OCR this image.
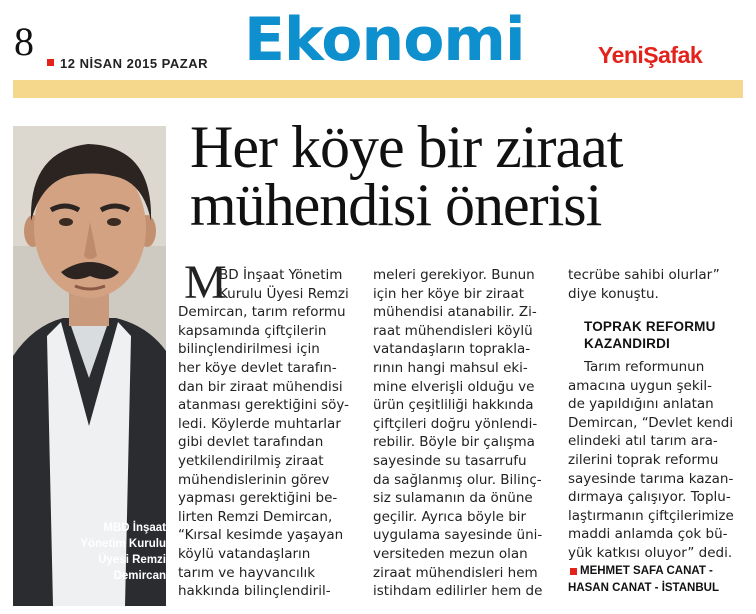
8 12 NİSAN 2015 PAZAR Ekonomi	YeniŞafak
MBD İnşaat
Yönetim Kurulu
Üyesi Remzi
Demircan
Her köye bir ziraat
mühendisi önerisi
M
BD İnşaat Yönetim
Kurulu Üyesi Remzi
Demircan, tarım reformu
kapsamında çiftçilerin
bilinçlendirilmesi için
her köye devlet tarafın-
dan bir ziraat mühendisi
atanması gerektiğini söy-
ledi. Köylerde muhtarlar
gibi devlet tarafından
yetkilendirilmiş ziraat
mühendislerinin görev
yapması gerektiğini be-
lirten Remzi Demircan,
“Kırsal kesimde yaşayan
köylü vatandaşların
tarım ve hayvancılık
hakkında bilinçlendiril-
meleri gerekiyor. Bunun
için her köye bir ziraat
mühendisi atanabilir. Zi-
raat mühendisleri köylü
vatandaşların toprakla-
rının hangi mahsul eki-
mine elverişli olduğu ve
ürün çeşitliliği hakkında
çiftçileri doğru yönlendi-
rebilir. Böyle bir çalışma
sayesinde su tasarrufu
da sağlanmış olur. Bilinç-
siz sulamanın da önüne
geçilir. Ayrıca böyle bir
uygulama sayesinde üni-
versiteden mezun olan
ziraat mühendisleri hem
istihdam edilirler hem de
tecrübe sahibi olurlar”
diye konuştu.
TOPRAK REFORMU
KAZANDIRDI
Tarım reformunun
amacına uygun şekil-
de yapıldığını anlatan
Demircan, “Devlet kendi
elindeki atıl tarım ara-
zilerini toprak reformu
sayesinde tarıma kazan-
dırmaya çalışıyor. Toplu-
laştırmanın çiftçilerimize
maddi anlamda çok bü-
yük katkısı oluyor” dedi.
MEHMET SAFA CANAT -
HASAN CANAT - İSTANBUL
